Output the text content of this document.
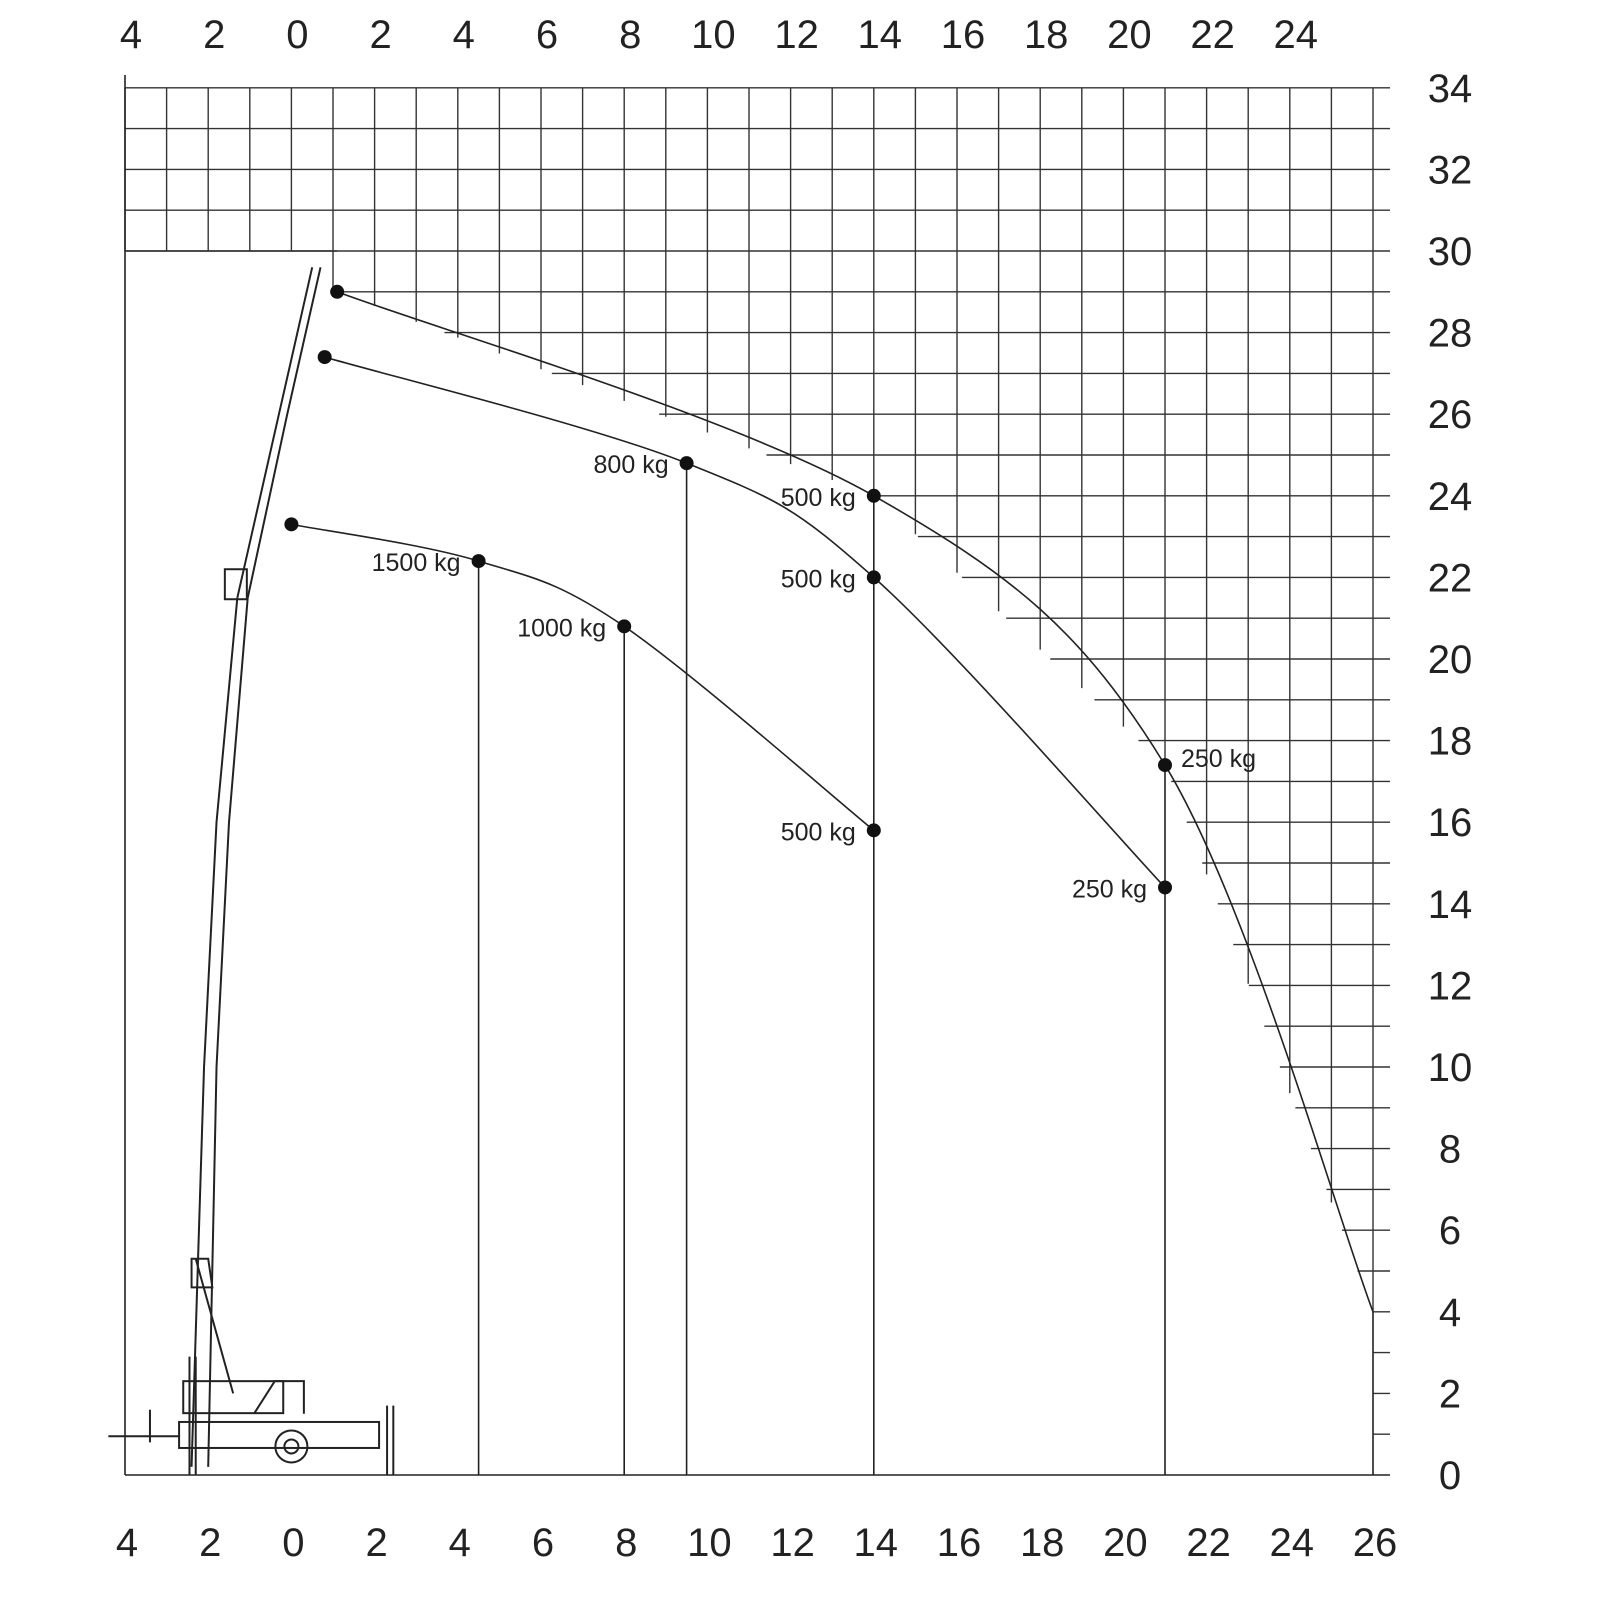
500 kg
250 kg
800 kg
500 kg
250 kg
1500 kg
1000 kg
500 kg
4 2 0 2 4 6 8 10 12 14 16 18 20 22 24
4 2 0 2 4 6 8 10 12 14 16 18 20 22 24 26
0
2
4
6
8
10
12
14
16
18
20
22
24
26
28
30
32
34
